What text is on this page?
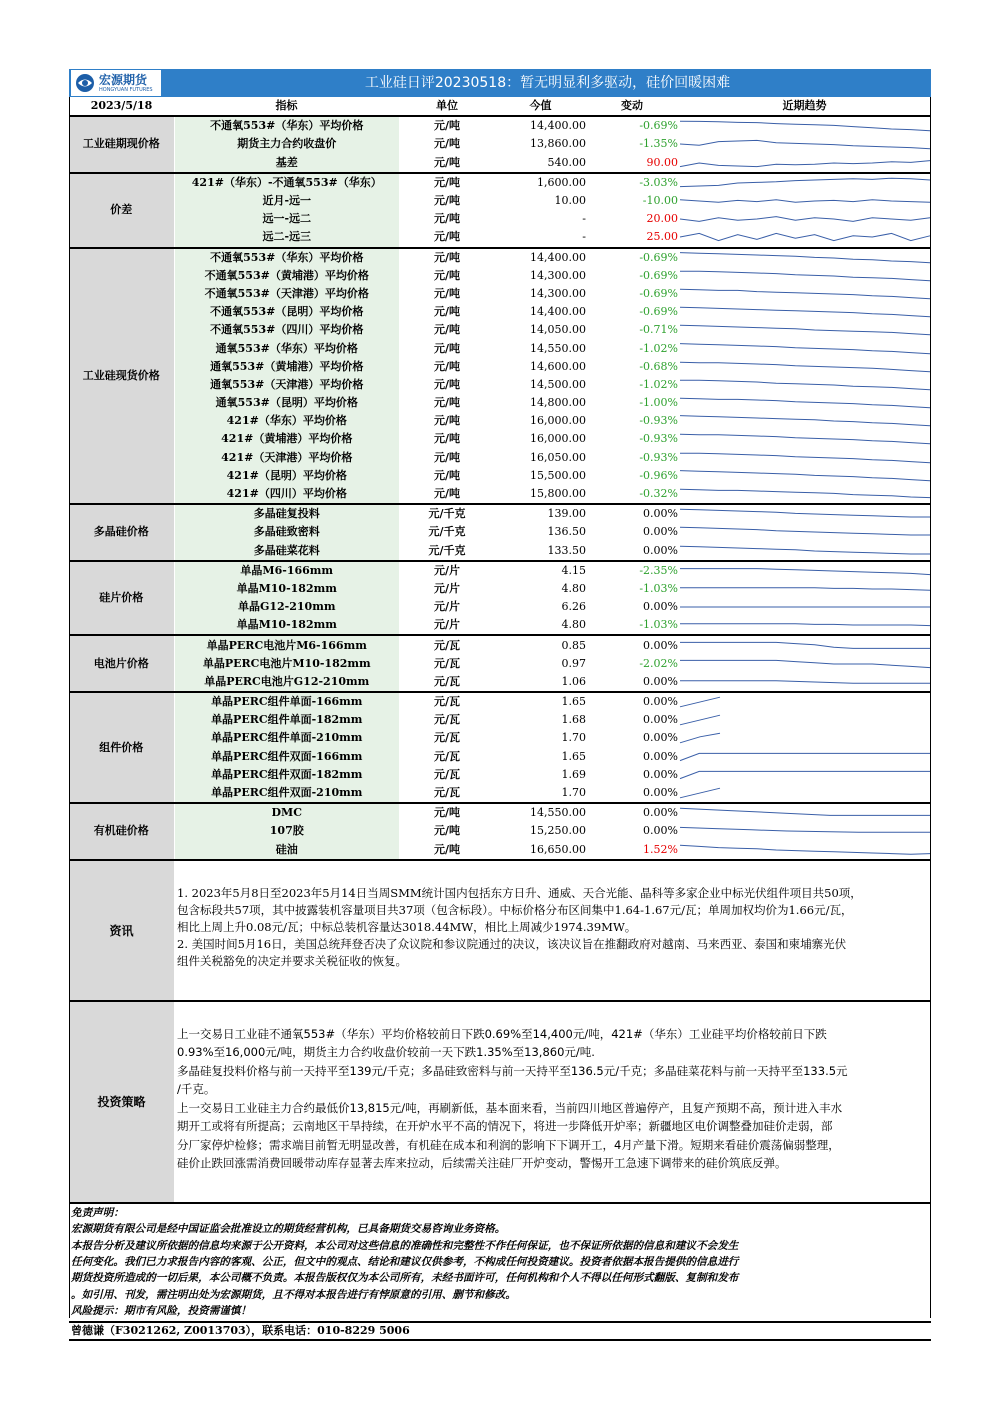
宏源期货
HONGYUAN FUTURES	工业硅日评20230518：暂无明显利多驱动，硅价回暖困难
2023/5/18	指标	单位	今值	变动	近期趋势
工业硅期现价格	不通氧553#（华东）平均价格	元/吨	14,400.00	-0.69%	

	期货主力合约收盘价	元/吨	13,860.00	-1.35%	

	基差	元/吨	540.00	90.00	

价差	421#（华东）-不通氧553#（华东）	元/吨	1,600.00	-3.03%	

	近月-远一	元/吨	10.00	-10.00	

	远一-远二	元/吨	-	20.00	

	远二-远三	元/吨	-	25.00	

工业硅现货价格	不通氧553#（华东）平均价格	元/吨	14,400.00	-0.69%	

	不通氧553#（黄埔港）平均价格	元/吨	14,300.00	-0.69%	

	不通氧553#（天津港）平均价格	元/吨	14,300.00	-0.69%	

	不通氧553#（昆明）平均价格	元/吨	14,400.00	-0.69%	

	不通氧553#（四川）平均价格	元/吨	14,050.00	-0.71%	

	通氧553#（华东）平均价格	元/吨	14,550.00	-1.02%	

	通氧553#（黄埔港）平均价格	元/吨	14,600.00	-0.68%	

	通氧553#（天津港）平均价格	元/吨	14,500.00	-1.02%	

	通氧553#（昆明）平均价格	元/吨	14,800.00	-1.00%	

	421#（华东）平均价格	元/吨	16,000.00	-0.93%	

	421#（黄埔港）平均价格	元/吨	16,000.00	-0.93%	

	421#（天津港）平均价格	元/吨	16,050.00	-0.93%	

	421#（昆明）平均价格	元/吨	15,500.00	-0.96%	

	421#（四川）平均价格	元/吨	15,800.00	-0.32%	

多晶硅价格	多晶硅复投料	元/千克	139.00	0.00%	

	多晶硅致密料	元/千克	136.50	0.00%	

	多晶硅菜花料	元/千克	133.50	0.00%	

硅片价格	单晶M6-166mm	元/片	4.15	-2.35%	

	单晶M10-182mm	元/片	4.80	-1.03%	

	单晶G12-210mm	元/片	6.26	0.00%	

	单晶M10-182mm	元/片	4.80	-1.03%	

电池片价格	单晶PERC电池片M6-166mm	元/瓦	0.85	0.00%	

	单晶PERC电池片M10-182mm	元/瓦	0.97	-2.02%	

	单晶PERC电池片G12-210mm	元/瓦	1.06	0.00%	

组件价格	单晶PERC组件单面-166mm	元/瓦	1.65	0.00%	

	单晶PERC组件单面-182mm	元/瓦	1.68	0.00%	

	单晶PERC组件单面-210mm	元/瓦	1.70	0.00%	

	单晶PERC组件双面-166mm	元/瓦	1.65	0.00%	

	单晶PERC组件双面-182mm	元/瓦	1.69	0.00%	

	单晶PERC组件双面-210mm	元/瓦	1.70	0.00%	

有机硅价格	DMC	元/吨	14,550.00	0.00%	

	107胶	元/吨	15,250.00	0.00%	

	硅油	元/吨	16,650.00	1.52%	
资讯
1. 2023年5月8日至2023年5月14日当周SMM统计国内包括东方日升、通威、天合光能、晶科等多家企业中标光伏组件项目共50项，
包含标段共57项，其中披露装机容量项目共37项（包含标段）。中标价格分布区间集中1.64-1.67元/瓦；单周加权均价为1.66元/瓦，
相比上周上升0.08元/瓦；中标总装机容量达3018.44MW，相比上周减少1974.39MW。
2. 美国时间5月16日，美国总统拜登否决了众议院和参议院通过的决议，该决议旨在推翻政府对越南、马来西亚、泰国和柬埔寨光伏
组件关税豁免的决定并要求关税征收的恢复。
投资策略
上一交易日工业硅不通氧553#（华东）平均价格较前日下跌0.69%至14,400元/吨，421#（华东）工业硅平均价格较前日下跌
0.93%至16,000元/吨，期货主力合约收盘价较前一天下跌1.35%至13,860元/吨.
多晶硅复投料价格与前一天持平至139元/千克；多晶硅致密料与前一天持平至136.5元/千克；多晶硅菜花料与前一天持平至133.5元
/千克。
上一交易日工业硅主力合约最低价13,815元/吨，再刷新低，基本面来看，当前四川地区普遍停产，且复产预期不高，预计进入丰水
期开工或将有所提高；云南地区干旱持续，在开炉水平不高的情况下，将进一步降低开炉率；新疆地区电价调整叠加硅价走弱，部
分厂家停炉检修；需求端目前暂无明显改善，有机硅在成本和利润的影响下下调开工，4月产量下滑。短期来看硅价震荡偏弱整理，
硅价止跌回涨需消费回暖带动库存显著去库来拉动，后续需关注硅厂开炉变动，警惕开工急速下调带来的硅价筑底反弹。
免责声明：
宏源期货有限公司是经中国证监会批准设立的期货经营机构，已具备期货交易咨询业务资格。
本报告分析及建议所依据的信息均来源于公开资料，本公司对这些信息的准确性和完整性不作任何保证，也不保证所依据的信息和建议不会发生
任何变化。我们已力求报告内容的客观、公正，但文中的观点、结论和建议仅供参考，不构成任何投资建议。投资者依据本报告提供的信息进行
期货投资所造成的一切后果，本公司概不负责。本报告版权仅为本公司所有，未经书面许可，任何机构和个人不得以任何形式翻版、复制和发布
。如引用、刊发，需注明出处为宏源期货，且不得对本报告进行有悖原意的引用、删节和修改。
风险提示：期市有风险，投资需谨慎！
曾德谦（F3021262, Z0013703），联系电话：010-8229 5006
